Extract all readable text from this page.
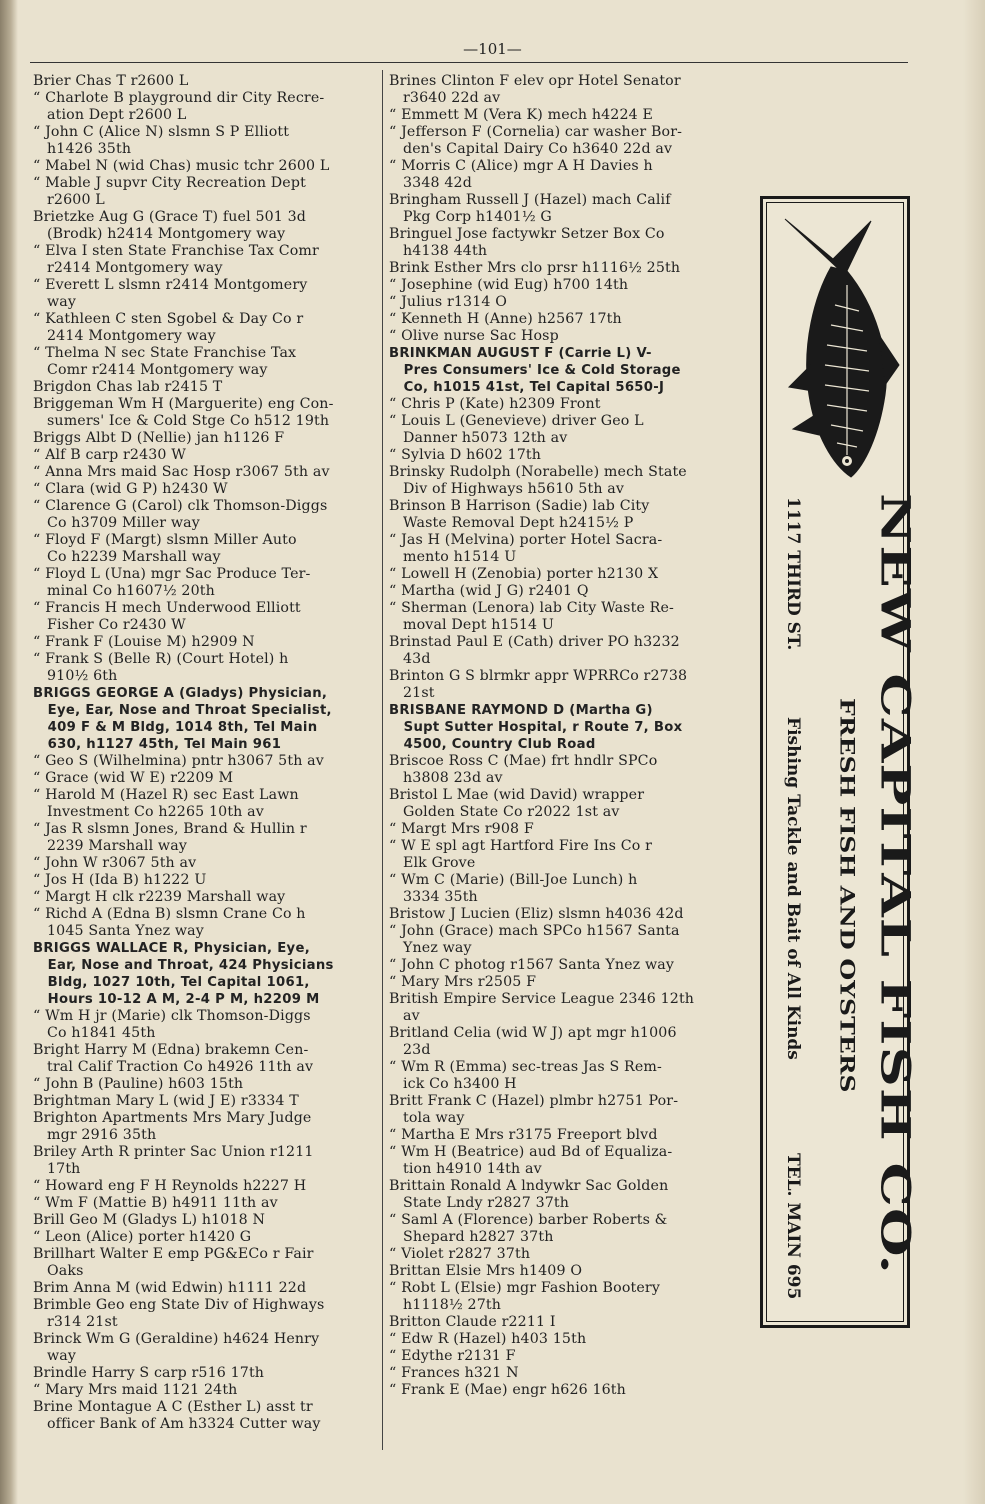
—101—
Brier Chas T r2600 L
“ Charlote B playground dir City Recre-
ation Dept r2600 L
“ John C (Alice N) slsmn S P Elliott
h1426 35th
“ Mabel N (wid Chas) music tchr 2600 L
“ Mable J supvr City Recreation Dept
r2600 L
Brietzke Aug G (Grace T) fuel 501 3d
(Brodk) h2414 Montgomery way
“ Elva I sten State Franchise Tax Comr
r2414 Montgomery way
“ Everett L slsmn r2414 Montgomery
way
“ Kathleen C sten Sgobel & Day Co r
2414 Montgomery way
“ Thelma N sec State Franchise Tax
Comr r2414 Montgomery way
Brigdon Chas lab r2415 T
Briggeman Wm H (Marguerite) eng Con-
sumers' Ice & Cold Stge Co h512 19th
Briggs Albt D (Nellie) jan h1126 F
“ Alf B carp r2430 W
“ Anna Mrs maid Sac Hosp r3067 5th av
“ Clara (wid G P) h2430 W
“ Clarence G (Carol) clk Thomson-Diggs
Co h3709 Miller way
“ Floyd F (Margt) slsmn Miller Auto
Co h2239 Marshall way
“ Floyd L (Una) mgr Sac Produce Ter-
minal Co h1607½ 20th
“ Francis H mech Underwood Elliott
Fisher Co r2430 W
“ Frank F (Louise M) h2909 N
“ Frank S (Belle R) (Court Hotel) h
910½ 6th
BRIGGS GEORGE A (Gladys) Physician,
Eye, Ear, Nose and Throat Specialist,
409 F & M Bldg, 1014 8th, Tel Main
630, h1127 45th, Tel Main 961
“ Geo S (Wilhelmina) pntr h3067 5th av
“ Grace (wid W E) r2209 M
“ Harold M (Hazel R) sec East Lawn
Investment Co h2265 10th av
“ Jas R slsmn Jones, Brand & Hullin r
2239 Marshall way
“ John W r3067 5th av
“ Jos H (Ida B) h1222 U
“ Margt H clk r2239 Marshall way
“ Richd A (Edna B) slsmn Crane Co h
1045 Santa Ynez way
BRIGGS WALLACE R, Physician, Eye,
Ear, Nose and Throat, 424 Physicians
Bldg, 1027 10th, Tel Capital 1061,
Hours 10-12 A M, 2-4 P M, h2209 M
“ Wm H jr (Marie) clk Thomson-Diggs
Co h1841 45th
Bright Harry M (Edna) brakemn Cen-
tral Calif Traction Co h4926 11th av
“ John B (Pauline) h603 15th
Brightman Mary L (wid J E) r3334 T
Brighton Apartments Mrs Mary Judge
mgr 2916 35th
Briley Arth R printer Sac Union r1211
17th
“ Howard eng F H Reynolds h2227 H
“ Wm F (Mattie B) h4911 11th av
Brill Geo M (Gladys L) h1018 N
“ Leon (Alice) porter h1420 G
Brillhart Walter E emp PG&ECo r Fair
Oaks
Brim Anna M (wid Edwin) h1111 22d
Brimble Geo eng State Div of Highways
r314 21st
Brinck Wm G (Geraldine) h4624 Henry
way
Brindle Harry S carp r516 17th
“ Mary Mrs maid 1121 24th
Brine Montague A C (Esther L) asst tr
officer Bank of Am h3324 Cutter way
Brines Clinton F elev opr Hotel Senator
r3640 22d av
“ Emmett M (Vera K) mech h4224 E
“ Jefferson F (Cornelia) car washer Bor-
den's Capital Dairy Co h3640 22d av
“ Morris C (Alice) mgr A H Davies h
3348 42d
Bringham Russell J (Hazel) mach Calif
Pkg Corp h1401½ G
Bringuel Jose factywkr Setzer Box Co
h4138 44th
Brink Esther Mrs clo prsr h1116½ 25th
“ Josephine (wid Eug) h700 14th
“ Julius r1314 O
“ Kenneth H (Anne) h2567 17th
“ Olive nurse Sac Hosp
BRINKMAN AUGUST F (Carrie L) V-
Pres Consumers' Ice & Cold Storage
Co, h1015 41st, Tel Capital 5650-J
“ Chris P (Kate) h2309 Front
“ Louis L (Genevieve) driver Geo L
Danner h5073 12th av
“ Sylvia D h602 17th
Brinsky Rudolph (Norabelle) mech State
Div of Highways h5610 5th av
Brinson B Harrison (Sadie) lab City
Waste Removal Dept h2415½ P
“ Jas H (Melvina) porter Hotel Sacra-
mento h1514 U
“ Lowell H (Zenobia) porter h2130 X
“ Martha (wid J G) r2401 Q
“ Sherman (Lenora) lab City Waste Re-
moval Dept h1514 U
Brinstad Paul E (Cath) driver PO h3232
43d
Brinton G S blrmkr appr WPRRCo r2738
21st
BRISBANE RAYMOND D (Martha G)
Supt Sutter Hospital, r Route 7, Box
4500, Country Club Road
Briscoe Ross C (Mae) frt hndlr SPCo
h3808 23d av
Bristol L Mae (wid David) wrapper
Golden State Co r2022 1st av
“ Margt Mrs r908 F
“ W E spl agt Hartford Fire Ins Co r
Elk Grove
“ Wm C (Marie) (Bill-Joe Lunch) h
3334 35th
Bristow J Lucien (Eliz) slsmn h4036 42d
“ John (Grace) mach SPCo h1567 Santa
Ynez way
“ John C photog r1567 Santa Ynez way
“ Mary Mrs r2505 F
British Empire Service League 2346 12th
av
Britland Celia (wid W J) apt mgr h1006
23d
“ Wm R (Emma) sec-treas Jas S Rem-
ick Co h3400 H
Britt Frank C (Hazel) plmbr h2751 Por-
tola way
“ Martha E Mrs r3175 Freeport blvd
“ Wm H (Beatrice) aud Bd of Equaliza-
tion h4910 14th av
Brittain Ronald A lndywkr Sac Golden
State Lndy r2827 37th
“ Saml A (Florence) barber Roberts &
Shepard h2827 37th
“ Violet r2827 37th
Brittan Elsie Mrs h1409 O
“ Robt L (Elsie) mgr Fashion Bootery
h1118½ 27th
Britton Claude r2211 I
“ Edw R (Hazel) h403 15th
“ Edythe r2131 F
“ Frances h321 N
“ Frank E (Mae) engr h626 16th
NEW CAPITAL FISH CO.
FRESH FISH AND OYSTERS
1117 THIRD ST.
Fishing Tackle and Bait of All Kinds
TEL. MAIN 695
